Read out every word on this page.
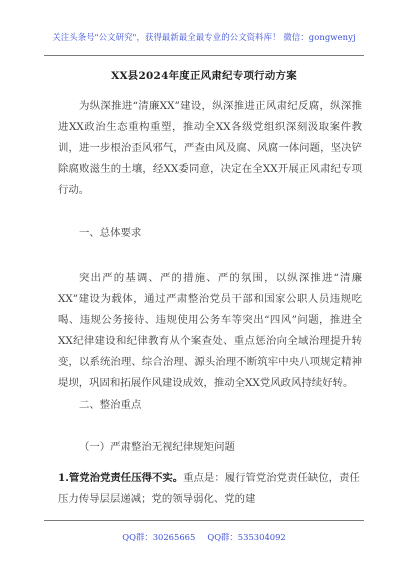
关注头条号"公文研究"，获得最新最全最专业的公文资料库！ 微信：gongwenyj
XX县2024年度正风肃纪专项行动方案
为纵深推进“清廉XX”建设，纵深推进正风肃纪反腐，纵深推进XX政治生态重构重塑，推动全XX各级党组织深刻汲取案件教训，进一步根治歪风邪气，严查由风及腐、风腐一体问题，坚决铲除腐败滋生的土壤，经XX委同意，决定在全XX开展正风肃纪专项行动。
一、总体要求
突出严的基调、严的措施、严的氛围，以纵深推进“清廉XX”建设为载体，通过严肃整治党员干部和国家公职人员违规吃喝、违规公务接待、违规使用公务车等突出“四风”问题，推进全XX纪律建设和纪律教育从个案查处、重点惩治向全域治理提升转变，以系统治理、综合治理、源头治理不断筑牢中央八项规定精神堤坝，巩固和拓展作风建设成效，推动全XX党风政风持续好转。
二、整治重点
（一）严肃整治无视纪律规矩问题
1.管党治党责任压得不实。重点是：履行管党治党责任缺位，责任压力传导层层递减；党的领导弱化、党的建
QQ群：30265665 QQ群：535304092
